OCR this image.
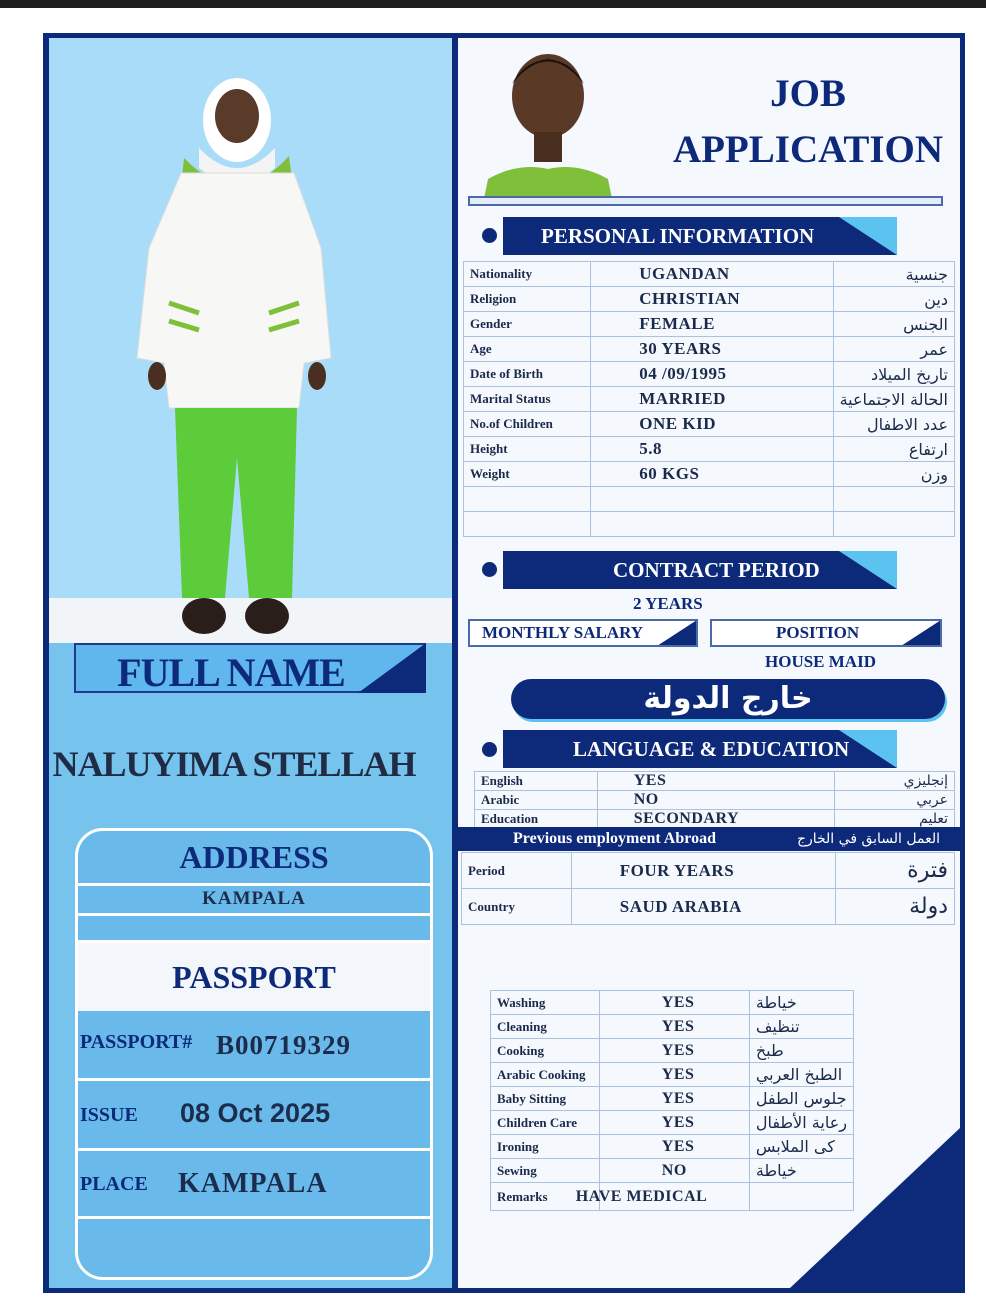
FULL NAME
NALUYIMA STELLAH
ADDRESS
KAMPALA
PASSPORT
PASSPORT# B00719329
ISSUE 08 Oct 2025
PLACE KAMPALA
JOB
APPLICATION
PERSONAL INFORMATION
Nationality	UGANDAN	جنسية
Religion	CHRISTIAN	دين
Gender	FEMALE	الجنس
Age	30 YEARS	عمر
Date of Birth	04 /09/1995	تاريخ الميلاد
Marital Status	MARRIED	الحالة الاجتماعية
No.of Children	ONE KID	عدد الاطفال
Height	5.8	ارتفاع
Weight	60 KGS	وزن

CONTRACT PERIOD
2 YEARS
MONTHLY SALARY	POSITION
HOUSE MAID
خارج الدولة
LANGUAGE & EDUCATION
English	YES	إنجليزي
Arabic	NO	عربي
Education	SECONDARY	تعليم
Previous employment Abroad	العمل السابق في الخارج
Period	FOUR YEARS	فترة
Country	SAUD ARABIA	دولة
Washing	YES	خياطة
Cleaning	YES	تنظيف
Cooking	YES	طبخ
Arabic Cooking	YES	الطبخ العربي
Baby Sitting	YES	جلوس الطفل
Children Care	YES	رعاية الأطفال
Ironing	YES	كى الملابس
Sewing	NO	خياطة
Remarks	HAVE MEDICAL	
